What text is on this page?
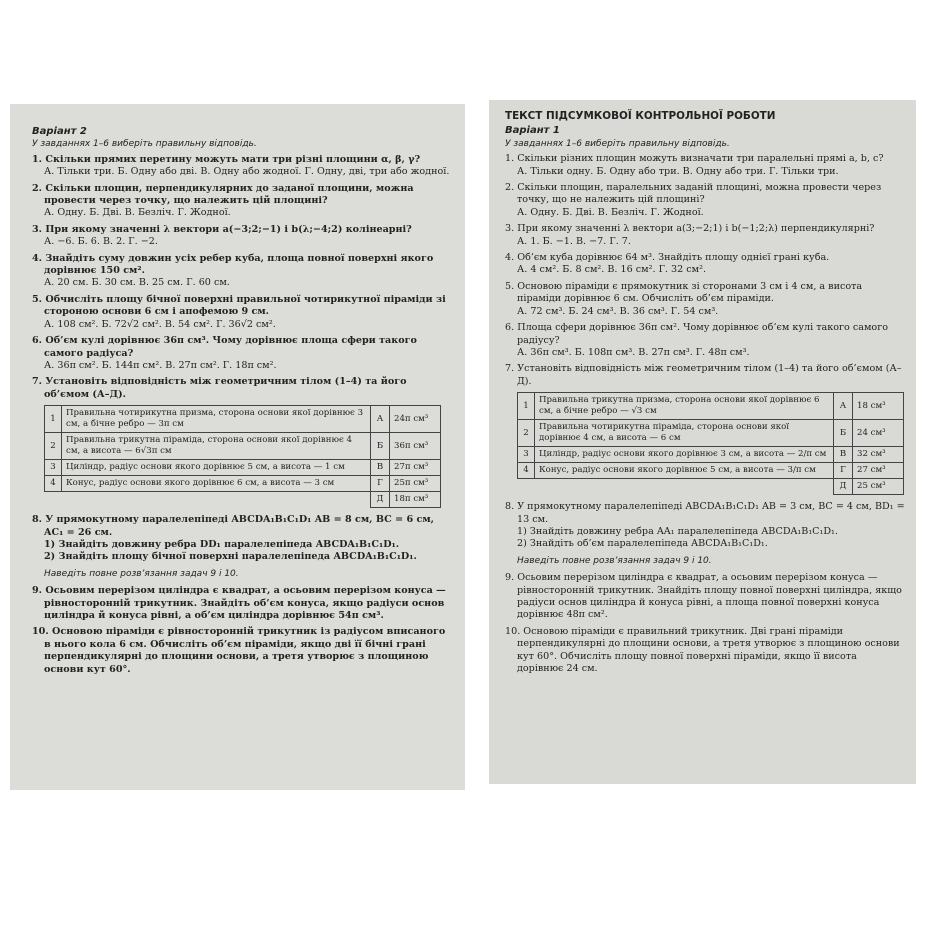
Варіант 2
У завданнях 1–6 виберіть правильну відповідь.
1. Скільки прямих перетину можуть мати три різні площини α, β, γ?
А. Тільки три. Б. Одну або дві. В. Одну або жодної. Г. Одну, дві, три або жодної.
2. Скільки площин, перпендикулярних до заданої площини, можна провести через точку, що належить цій площині?
А. Одну. Б. Дві. В. Безліч. Г. Жодної.
3. При якому значенні λ вектори a(−3;2;−1) і b(λ;−4;2) колінеарні?
А. −6. Б. 6. В. 2. Г. −2.
4. Знайдіть суму довжин усіх ребер куба, площа повної поверхні якого дорівнює 150 см².
А. 20 см. Б. 30 см. В. 25 см. Г. 60 см.
5. Обчисліть площу бічної поверхні правильної чотирикутної піраміди зі стороною основи 6 см і апофемою 9 см.
А. 108 см². Б. 72√2 см². В. 54 см². Г. 36√2 см².
6. Об’єм кулі дорівнює 36π см³. Чому дорівнює площа сфери такого самого радіуса?
А. 36π см². Б. 144π см². В. 27π см². Г. 18π см².
7. Установіть відповідність між геометричним тілом (1–4) та його об’ємом (А–Д).
1	Правильна чотирикутна призма, сторона основи якої дорівнює 3 см, а бічне ребро — 3π см	А	24π см³
2	Правильна трикутна піраміда, сторона основи якої дорівнює 4 см, а висота — 6√3π см	Б	36π см³
3	Циліндр, радіус основи якого дорівнює 5 см, а висота — 1 см	В	27π см³
4	Конус, радіус основи якого дорівнює 6 см, а висота — 3 см	Г	25π см³
		Д	18π см³
8. У прямокутному паралелепіпеді ABCDA₁B₁C₁D₁ AB = 8 см, BC = 6 см, AC₁ = 26 см.
1) Знайдіть довжину ребра DD₁ паралелепіпеда ABCDA₁B₁C₁D₁.
2) Знайдіть площу бічної поверхні паралелепіпеда ABCDA₁B₁C₁D₁.
Наведіть повне розв’язання задач 9 і 10.
9. Осьовим перерізом циліндра є квадрат, а осьовим перерізом конуса — рівносторонній трикутник. Знайдіть об’єм конуса, якщо радіуси основ циліндра й конуса рівні, а об’єм циліндра дорівнює 54π см³.
10. Основою піраміди є рівносторонній трикутник із радіусом вписаного в нього кола 6 см. Обчисліть об’єм піраміди, якщо дві її бічні грані перпендикулярні до площини основи, а третя утворює з площиною основи кут 60°.
ТЕКСТ ПІДСУМКОВОЇ КОНТРОЛЬНОЇ РОБОТИ
Варіант 1
У завданнях 1–6 виберіть правильну відповідь.
1. Скільки різних площин можуть визначати три паралельні прямі a, b, c?
А. Тільки одну. Б. Одну або три. В. Одну або три. Г. Тільки три.
2. Скільки площин, паралельних заданій площині, можна провести через точку, що не належить цій площині?
А. Одну. Б. Дві. В. Безліч. Г. Жодної.
3. При якому значенні λ вектори a(3;−2;1) і b(−1;2;λ) перпендикулярні?
А. 1. Б. −1. В. −7. Г. 7.
4. Об’єм куба дорівнює 64 м³. Знайдіть площу однієї грані куба.
А. 4 см². Б. 8 см². В. 16 см². Г. 32 см².
5. Основою піраміди є прямокутник зі сторонами 3 см і 4 см, а висота піраміди дорівнює 6 см. Обчисліть об’єм піраміди.
А. 72 см³. Б. 24 см³. В. 36 см³. Г. 54 см³.
6. Площа сфери дорівнює 36π см². Чому дорівнює об’єм кулі такого самого радіусу?
А. 36π см³. Б. 108π см³. В. 27π см³. Г. 48π см³.
7. Установіть відповідність між геометричним тілом (1–4) та його об’ємом (А–Д).
1	Правильна трикутна призма, сторона основи якої дорівнює 6 см, а бічне ребро — √3 см	А	18 см³
2	Правильна чотирикутна піраміда, сторона основи якої дорівнює 4 см, а висота — 6 см	Б	24 см³
3	Циліндр, радіус основи якого дорівнює 3 см, а висота — 2/π см	В	32 см³
4	Конус, радіус основи якого дорівнює 5 см, а висота — 3/π см	Г	27 см³
		Д	25 см³
8. У прямокутному паралелепіпеді ABCDA₁B₁C₁D₁ AB = 3 см, BC = 4 см, BD₁ = 13 см.
1) Знайдіть довжину ребра AA₁ паралелепіпеда ABCDA₁B₁C₁D₁.
2) Знайдіть об’єм паралелепіпеда ABCDA₁B₁C₁D₁.
Наведіть повне розв’язання задач 9 і 10.
9. Осьовим перерізом циліндра є квадрат, а осьовим перерізом конуса — рівносторонній трикутник. Знайдіть площу повної поверхні циліндра, якщо радіуси основ циліндра й конуса рівні, а площа повної поверхні конуса дорівнює 48π см².
10. Основою піраміди є правильний трикутник. Дві грані піраміди перпендикулярні до площини основи, а третя утворює з площиною основи кут 60°. Обчисліть площу повної поверхні піраміди, якщо її висота дорівнює 24 см.
